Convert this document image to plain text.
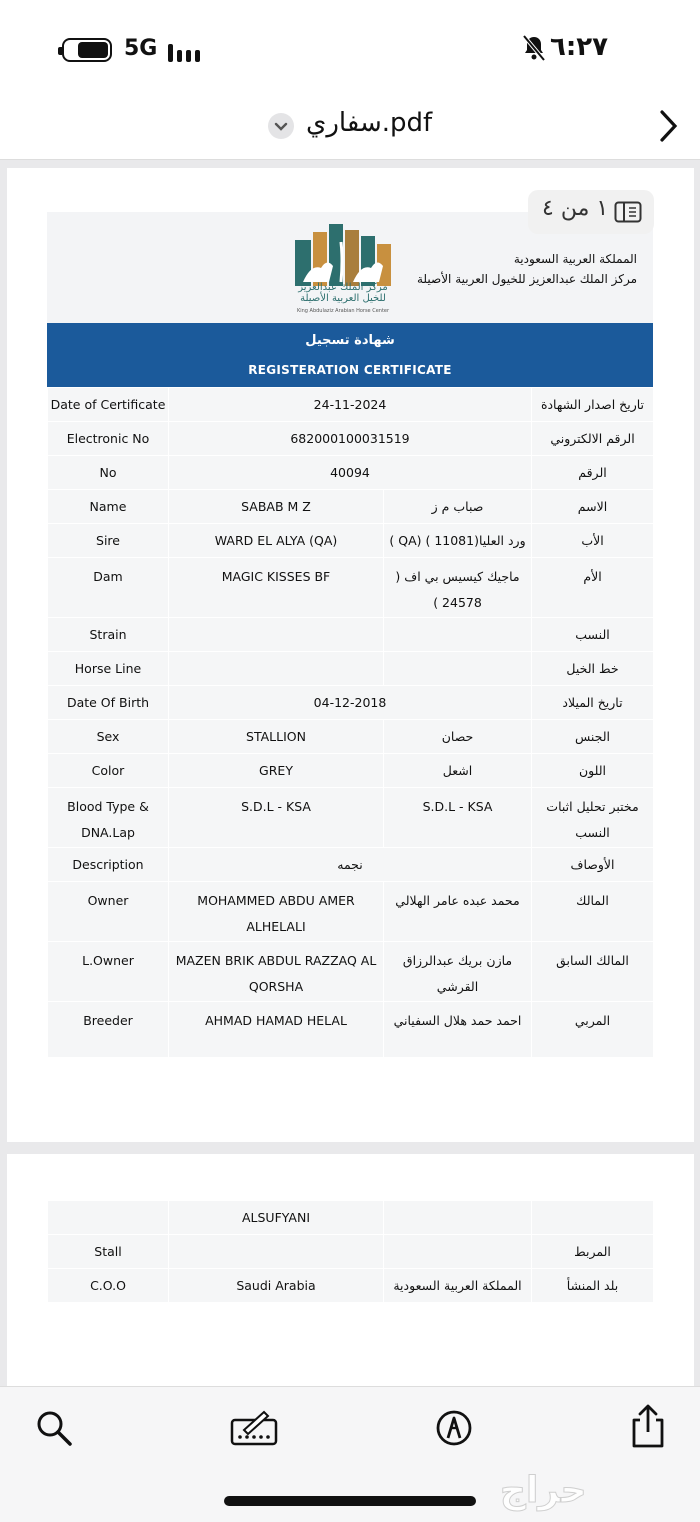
5G	٦:٢٧
سفاري.pdf
مركز الملك عبدالعزيز للخيل العربية الأصيلة
King Abdulaziz Arabian Horse Center
المملكة العربية السعودية
مركز الملك عبدالعزيز للخيول العربية الأصيلة
شهادة تسجيل
REGISTERATION CERTIFICATE
Date of Certificate	24-11-2024		تاريخ اصدار الشهادة
Electronic No	682000100031519		الرقم الالكتروني
No	40094		الرقم
Name	SABAB M Z	صباب م ز	الاسم
Sire	WARD EL ALYA (QA)	ورد العليا(11081 ) (QA )	الأب
Dam	MAGIC KISSES BF	ماجيك كيسيس بي اف ( 24578 )	الأم
Strain			النسب
Horse Line			خط الخيل
Date Of Birth	04-12-2018		تاريخ الميلاد
Sex	STALLION	حصان	الجنس
Color	GREY	اشعل	اللون
Blood Type & DNA.Lap	S.D.L - KSA	S.D.L - KSA	مختبر تحليل اثبات النسب
Description	نجمه		الأوصاف
Owner	MOHAMMED ABDU AMER ALHELALI	محمد عبده عامر الهلالي	المالك
L.Owner	MAZEN BRIK ABDUL RAZZAQ AL QORSHA	مازن بريك عبدالرزاق القرشي	المالك السابق
Breeder	AHMAD HAMAD HELAL	احمد حمد هلال السفياني	المربي
١ من ٤
	ALSUFYANI		
Stall			المربط
C.O.O	Saudi Arabia	المملكة العربية السعودية	بلد المنشأ
حراج
